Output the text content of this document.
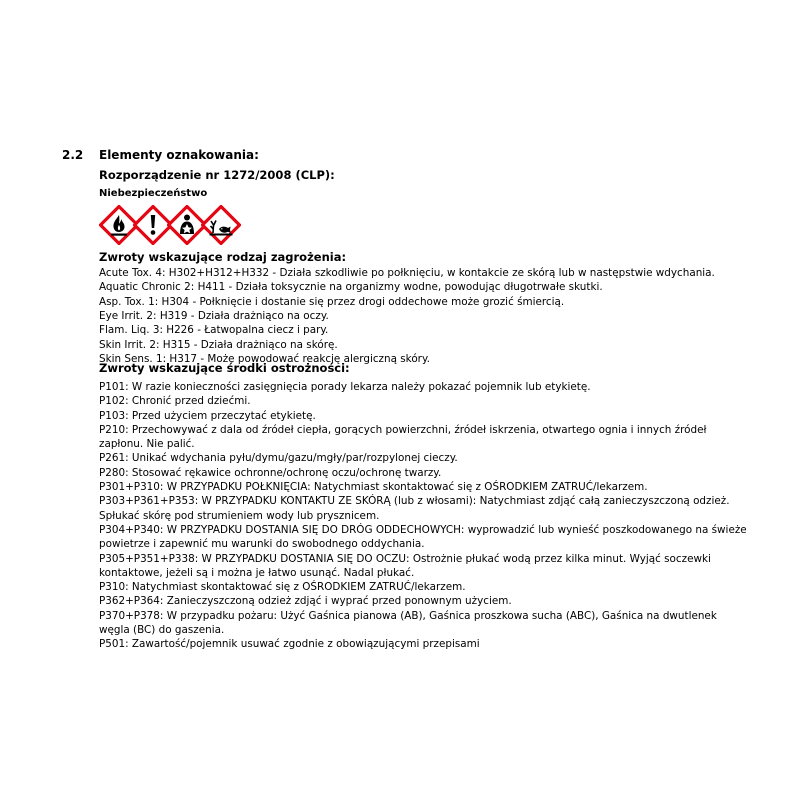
2.2 Elementy oznakowania:
Rozporządzenie nr 1272/2008 (CLP):
Niebezpieczeństwo
Zwroty wskazujące rodzaj zagrożenia:
Acute Tox. 4: H302+H312+H332 - Działa szkodliwie po połknięciu, w kontakcie ze skórą lub w następstwie wdychania.
Aquatic Chronic 2: H411 - Działa toksycznie na organizmy wodne, powodując długotrwałe skutki.
Asp. Tox. 1: H304 - Połknięcie i dostanie się przez drogi oddechowe może grozić śmiercią.
Eye Irrit. 2: H319 - Działa drażniąco na oczy.
Flam. Liq. 3: H226 - Łatwopalna ciecz i pary.
Skin Irrit. 2: H315 - Działa drażniąco na skórę.
Skin Sens. 1: H317 - Może powodować reakcję alergiczną skóry.
Zwroty wskazujące środki ostrożności:
P101: W razie konieczności zasięgnięcia porady lekarza należy pokazać pojemnik lub etykietę.
P102: Chronić przed dziećmi.
P103: Przed użyciem przeczytać etykietę.
P210: Przechowywać z dala od źródeł ciepła, gorących powierzchni, źródeł iskrzenia, otwartego ognia i innych źródeł zapłonu. Nie palić.
P261: Unikać wdychania pyłu/dymu/gazu/mgły/par/rozpylonej cieczy.
P280: Stosować rękawice ochronne/ochronę oczu/ochronę twarzy.
P301+P310: W PRZYPADKU POŁKNIĘCIA: Natychmiast skontaktować się z OŚRODKIEM ZATRUĆ/lekarzem.
P303+P361+P353: W PRZYPADKU KONTAKTU ZE SKÓRĄ (lub z włosami): Natychmiast zdjąć całą zanieczyszczoną odzież. Spłukać skórę pod strumieniem wody lub prysznicem.
P304+P340: W PRZYPADKU DOSTANIA SIĘ DO DRÓG ODDECHOWYCH: wyprowadzić lub wynieść poszkodowanego na świeże powietrze i zapewnić mu warunki do swobodnego oddychania.
P305+P351+P338: W PRZYPADKU DOSTANIA SIĘ DO OCZU: Ostrożnie płukać wodą przez kilka minut. Wyjąć soczewki kontaktowe, jeżeli są i można je łatwo usunąć. Nadal płukać.
P310: Natychmiast skontaktować się z OŚRODKIEM ZATRUĆ/lekarzem.
P362+P364: Zanieczyszczoną odzież zdjąć i wyprać przed ponownym użyciem.
P370+P378: W przypadku pożaru: Użyć Gaśnica pianowa (AB), Gaśnica proszkowa sucha (ABC), Gaśnica na dwutlenek węgla (BC) do gaszenia.
P501: Zawartość/pojemnik usuwać zgodnie z obowiązującymi przepisami
